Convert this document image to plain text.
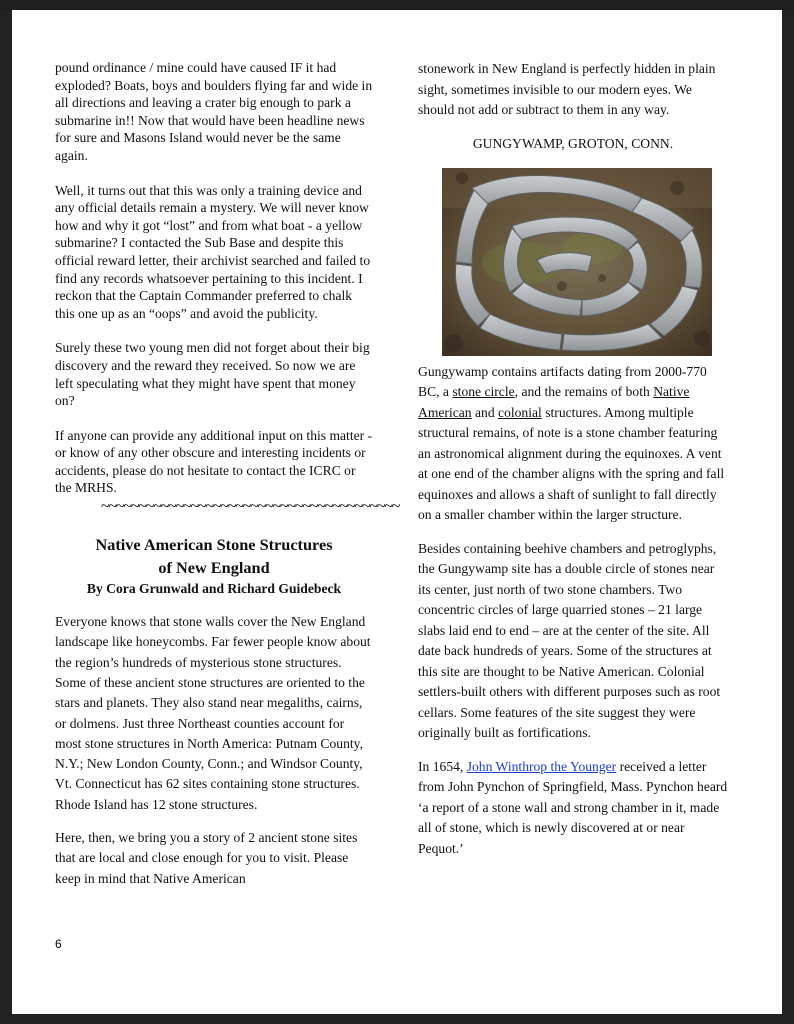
pound ordinance / mine could have caused IF it had exploded? Boats, boys and boulders flying far and wide in all directions and leaving a crater big enough to park a submarine in!! Now that would have been headline news for sure and Masons Island would never be the same again.

Well, it turns out that this was only a training device and any official details remain a mystery. We will never know how and why it got “lost” and from what boat - a yellow submarine? I contacted the Sub Base and despite this official reward letter, their archivist searched and failed to find any records whatsoever pertaining to this incident. I reckon that the Captain Commander preferred to chalk this one up as an “oops” and avoid the publicity.

Surely these two young men did not forget about their big discovery and the reward they received. So now we are left speculating what they might have spent that money on?

If anyone can provide any additional input on this matter - or know of any other obscure and interesting incidents or accidents, please do not hesitate to contact the ICRC or the MRHS.

~~~~~~~~~~~~~~~~~~~~~~~~~~~~~~~~~~~~~~~~
Native American Stone Structures
of New England
By Cora Grunwald and Richard Guidebeck

Everyone knows that stone walls cover the New England landscape like honeycombs. Far fewer people know about the region’s hundreds of mysterious stone structures. Some of these ancient stone structures are oriented to the stars and planets. They also stand near megaliths, cairns, or dolmens. Just three Northeast counties account for most stone structures in North America: Putnam County, N.Y.; New London County, Conn.; and Windsor County, Vt. Connecticut has 62 sites containing stone structures. Rhode Island has 12 stone structures.

Here, then, we bring you a story of 2 ancient stone sites that are local and close enough for you to visit. Please keep in mind that Native American

stonework in New England is perfectly hidden in plain sight, sometimes invisible to our modern eyes. We should not add or subtract to them in any way.

GUNGYWAMP, GROTON, CONN.

Gungywamp contains artifacts dating from 2000-770 BC, a stone circle, and the remains of both Native American and colonial structures. Among multiple structural remains, of note is a stone chamber featuring an astronomical alignment during the equinoxes. A vent at one end of the chamber aligns with the spring and fall equinoxes and allows a shaft of sunlight to fall directly on a smaller chamber within the larger structure.

Besides containing beehive chambers and petroglyphs, the Gungywamp site has a double circle of stones near its center, just north of two stone chambers. Two concentric circles of large quarried stones – 21 large slabs laid end to end – are at the center of the site. All date back hundreds of years. Some of the structures at this site are thought to be Native American. Colonial settlers-built others with different purposes such as root cellars. Some features of the site suggest they were originally built as fortifications.

In 1654, John Winthrop the Younger received a letter from John Pynchon of Springfield, Mass. Pynchon heard ‘a report of a stone wall and strong chamber in it, made all of stone, which is newly discovered at or near Pequot.’

6
